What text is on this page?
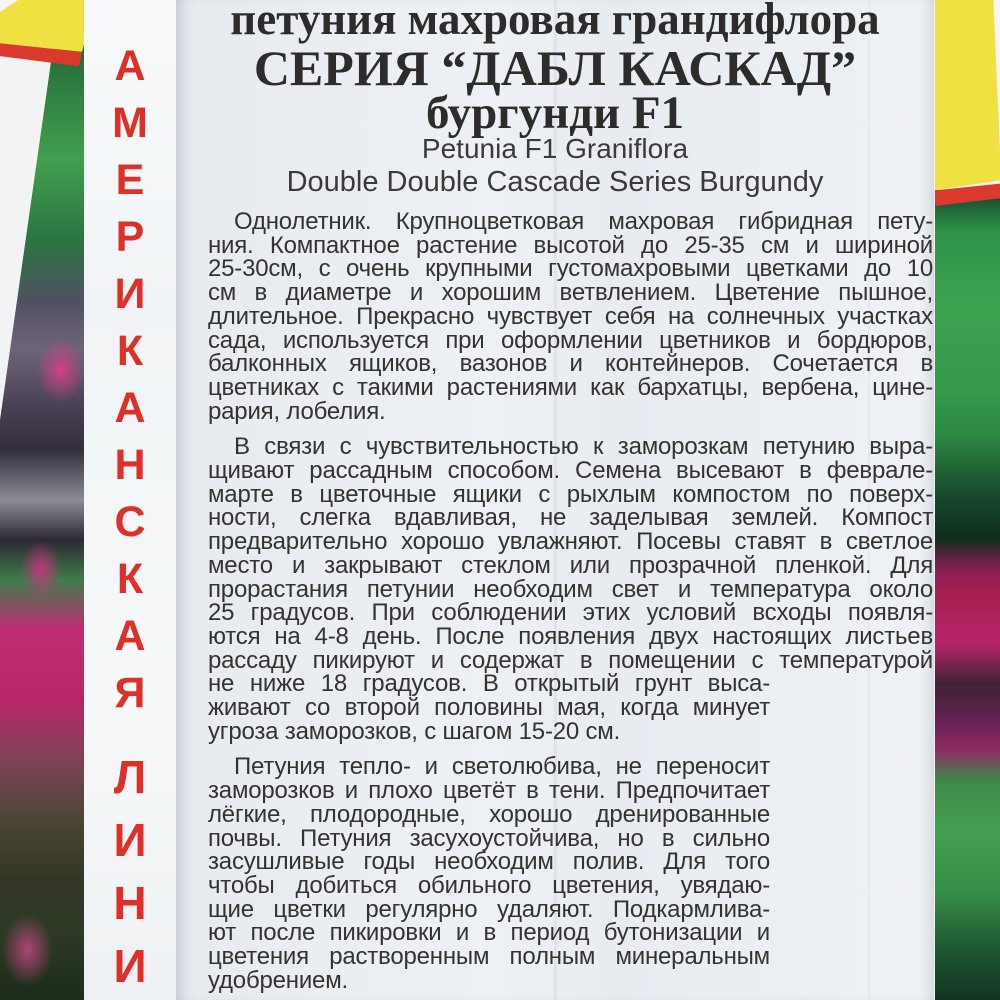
А
М
Е
Р
И
К
А
Н
С
К
А
Я
Л
И
Н
И
петуния махровая грандифлора
СЕРИЯ “ДАБЛ КАСКАД”
бургунди F1
Petunia F1 Graniflora
Double Double Cascade Series Burgundy
Однолетник. Крупноцветковая махровая гибридная пету-
ния. Компактное растение высотой до 25-35 см и шириной
25-30см, с очень крупными густомахровыми цветками до 10
см в диаметре и хорошим ветвлением. Цветение пышное,
длительное. Прекрасно чувствует себя на солнечных участках
сада, используется при оформлении цветников и бордюров,
балконных ящиков, вазонов и контейнеров. Сочетается в
цветниках с такими растениями как бархатцы, вербена, цине-
рария, лобелия.
В связи с чувствительностью к заморозкам петунию выра-
щивают рассадным способом. Семена высевают в феврале-
марте в цветочные ящики с рыхлым компостом по поверх-
ности, слегка вдавливая, не заделывая землей. Компост
предварительно хорошо увлажняют. Посевы ставят в светлое
место и закрывают стеклом или прозрачной пленкой. Для
прорастания петунии необходим свет и температура около
25 градусов. При соблюдении этих условий всходы появля-
ются на 4-8 день. После появления двух настоящих листьев
рассаду пикируют и содержат в помещении с температурой
не ниже 18 градусов. В открытый грунт выса-
живают со второй половины мая, когда минует
угроза заморозков, с шагом 15-20 см.
Петуния тепло- и светолюбива, не переносит
заморозков и плохо цветёт в тени. Предпочитает
лёгкие, плодородные, хорошо дренированные
почвы. Петуния засухоустойчива, но в сильно
засушливые годы необходим полив. Для того
чтобы добиться обильного цветения, увядаю-
щие цветки регулярно удаляют. Подкармлива-
ют после пикировки и в период бутонизации и
цветения растворенным полным минеральным
удобрением.
